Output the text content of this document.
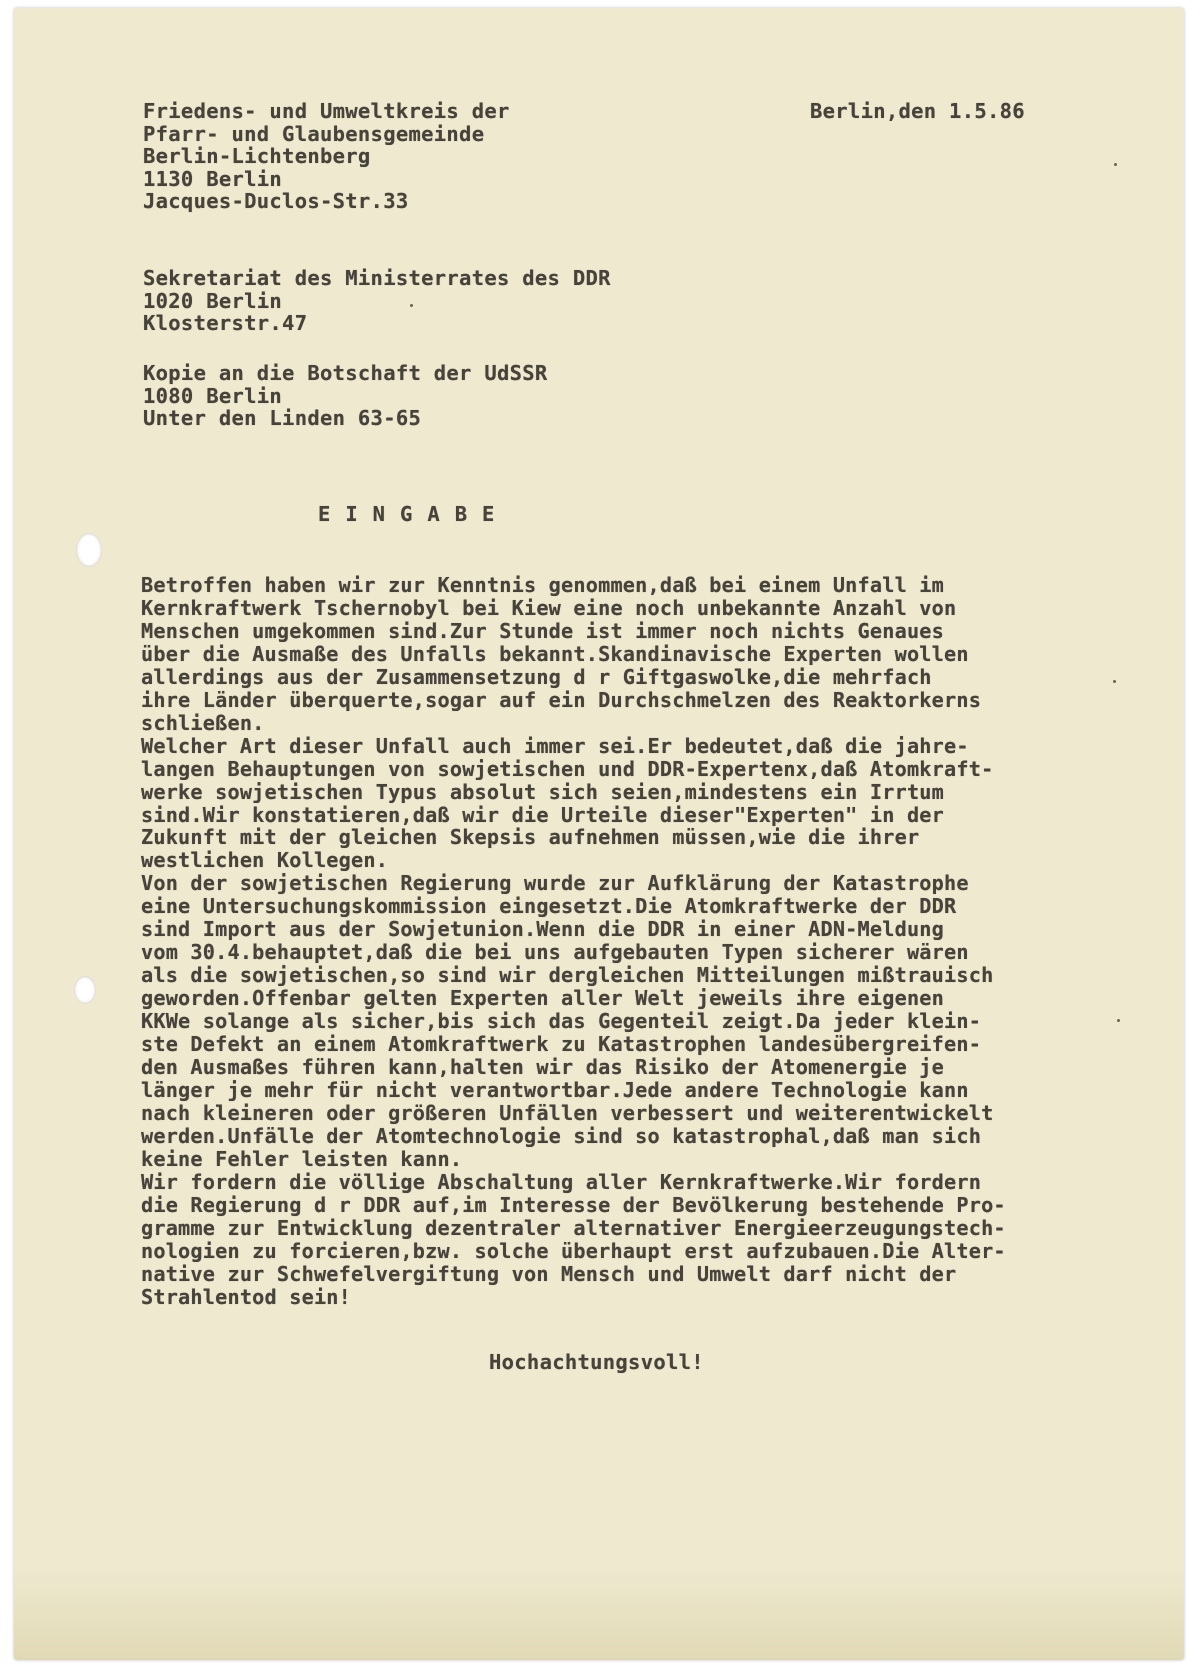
Friedens- und Umweltkreis der
Pfarr- und Glaubensgemeinde
Berlin-Lichtenberg
1130 Berlin
Jacques-Duclos-Str.33
Berlin,den 1.5.86
Sekretariat des Ministerrates des DDR
1020 Berlin
Klosterstr.47
Kopie an die Botschaft der UdSSR
1080 Berlin
Unter den Linden 63-65
EINGABE
Betroffen haben wir zur Kenntnis genommen,daß bei einem Unfall im
Kernkraftwerk Tschernobyl bei Kiew eine noch unbekannte Anzahl von
Menschen umgekommen sind.Zur Stunde ist immer noch nichts Genaues
über die Ausmaße des Unfalls bekannt.Skandinavische Experten wollen
allerdings aus der Zusammensetzung d r Giftgaswolke,die mehrfach
ihre Länder überquerte,sogar auf ein Durchschmelzen des Reaktorkerns
schließen.
Welcher Art dieser Unfall auch immer sei.Er bedeutet,daß die jahre-
langen Behauptungen von sowjetischen und DDR-Expertenx,daß Atomkraft-
werke sowjetischen Typus absolut sich seien,mindestens ein Irrtum
sind.Wir konstatieren,daß wir die Urteile dieser"Experten" in der
Zukunft mit der gleichen Skepsis aufnehmen müssen,wie die ihrer
westlichen Kollegen.
Von der sowjetischen Regierung wurde zur Aufklärung der Katastrophe
eine Untersuchungskommission eingesetzt.Die Atomkraftwerke der DDR
sind Import aus der Sowjetunion.Wenn die DDR in einer ADN-Meldung
vom 30.4.behauptet,daß die bei uns aufgebauten Typen sicherer wären
als die sowjetischen,so sind wir dergleichen Mitteilungen mißtrauisch
geworden.Offenbar gelten Experten aller Welt jeweils ihre eigenen
KKWe solange als sicher,bis sich das Gegenteil zeigt.Da jeder klein-
ste Defekt an einem Atomkraftwerk zu Katastrophen landesübergreifen-
den Ausmaßes führen kann,halten wir das Risiko der Atomenergie je
länger je mehr für nicht verantwortbar.Jede andere Technologie kann
nach kleineren oder größeren Unfällen verbessert und weiterentwickelt
werden.Unfälle der Atomtechnologie sind so katastrophal,daß man sich
keine Fehler leisten kann.
Wir fordern die völlige Abschaltung aller Kernkraftwerke.Wir fordern
die Regierung d r DDR auf,im Interesse der Bevölkerung bestehende Pro-
gramme zur Entwicklung dezentraler alternativer Energieerzeugungstech-
nologien zu forcieren,bzw. solche überhaupt erst aufzubauen.Die Alter-
native zur Schwefelvergiftung von Mensch und Umwelt darf nicht der
Strahlentod sein!
Hochachtungsvoll!
